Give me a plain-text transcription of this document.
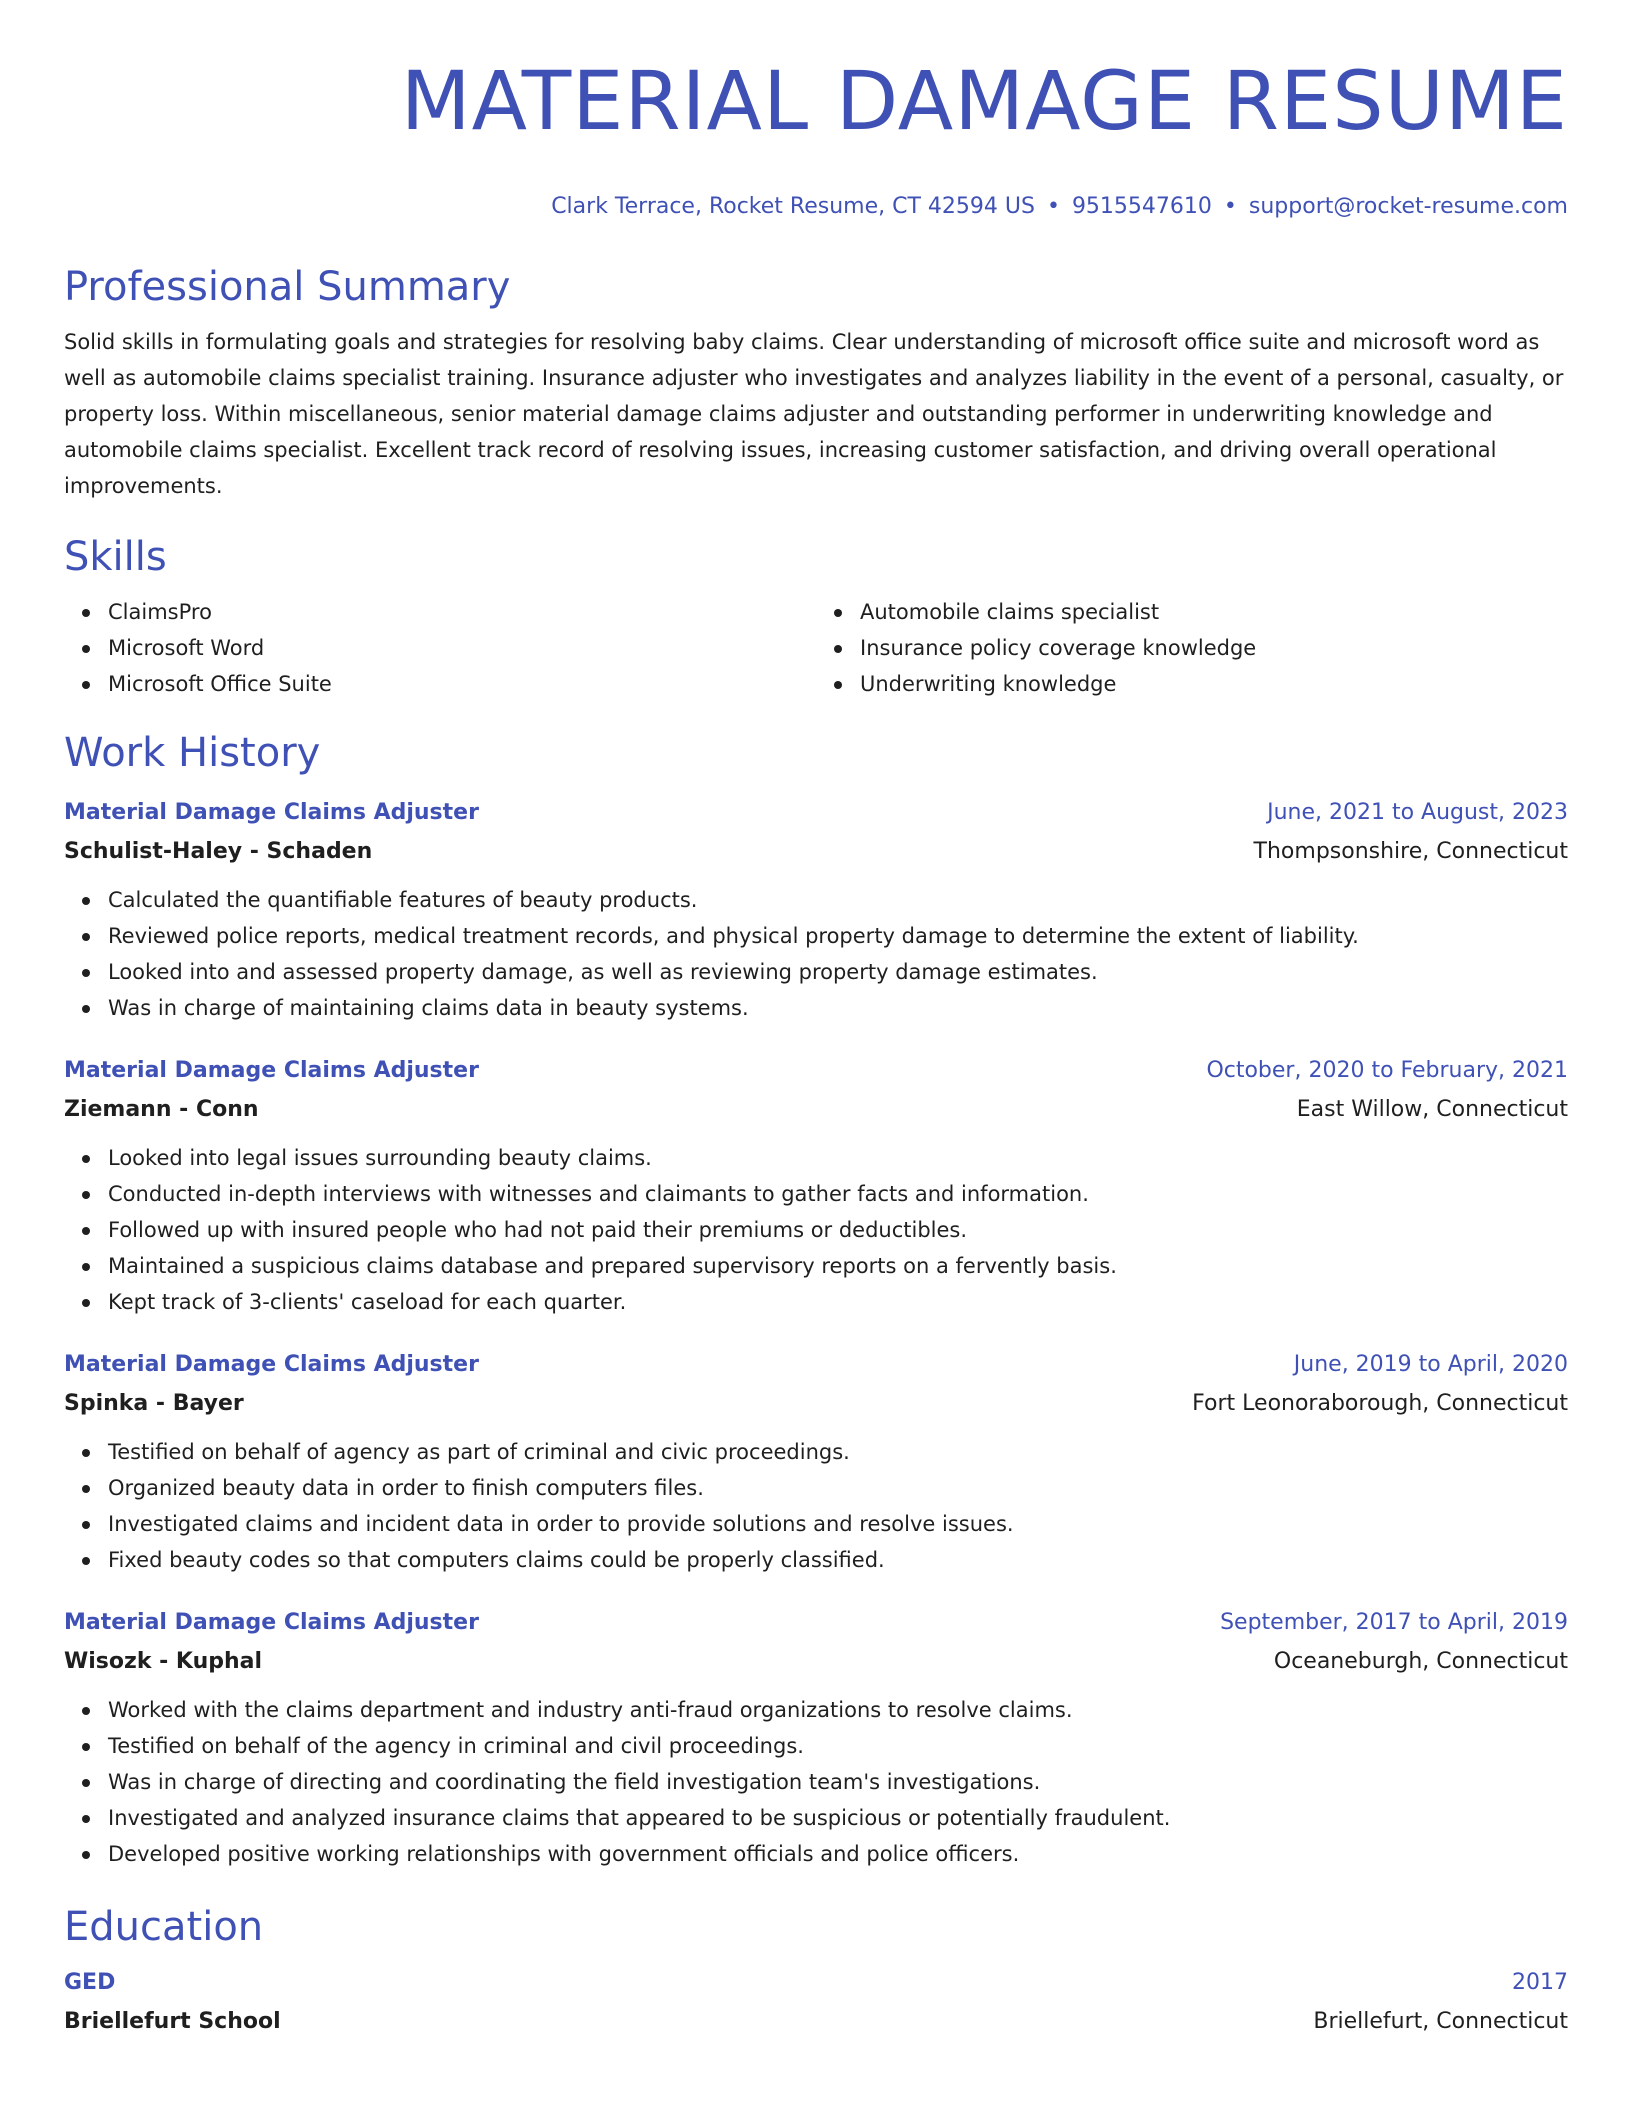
MATERIAL DAMAGE RESUME
Clark Terrace, Rocket Resume, CT 42594 US • 9515547610 • support@rocket-resume.com
Professional Summary

Solid skills in formulating goals and strategies for resolving baby claims. Clear understanding of microsoft office suite and microsoft word as well as automobile claims specialist training. Insurance adjuster who investigates and analyzes liability in the event of a personal, casualty, or property loss. Within miscellaneous, senior material damage claims adjuster and outstanding performer in underwriting knowledge and automobile claims specialist. Excellent track record of resolving issues, increasing customer satisfaction, and driving overall operational improvements.

Skills
ClaimsPro
Microsoft Word
Microsoft Office Suite
Automobile claims specialist
Insurance policy coverage knowledge
Underwriting knowledge
Work History
Material Damage Claims Adjuster	June, 2021 to August, 2023
Schulist-Haley - Schaden	Thompsonshire, Connecticut
Calculated the quantifiable features of beauty products.
Reviewed police reports, medical treatment records, and physical property damage to determine the extent of liability.
Looked into and assessed property damage, as well as reviewing property damage estimates.
Was in charge of maintaining claims data in beauty systems.
Material Damage Claims Adjuster	October, 2020 to February, 2021
Ziemann - Conn	East Willow, Connecticut
Looked into legal issues surrounding beauty claims.
Conducted in-depth interviews with witnesses and claimants to gather facts and information.
Followed up with insured people who had not paid their premiums or deductibles.
Maintained a suspicious claims database and prepared supervisory reports on a fervently basis.
Kept track of 3-clients' caseload for each quarter.
Material Damage Claims Adjuster	June, 2019 to April, 2020
Spinka - Bayer	Fort Leonoraborough, Connecticut
Testified on behalf of agency as part of criminal and civic proceedings.
Organized beauty data in order to finish computers files.
Investigated claims and incident data in order to provide solutions and resolve issues.
Fixed beauty codes so that computers claims could be properly classified.
Material Damage Claims Adjuster	September, 2017 to April, 2019
Wisozk - Kuphal	Oceaneburgh, Connecticut
Worked with the claims department and industry anti-fraud organizations to resolve claims.
Testified on behalf of the agency in criminal and civil proceedings.
Was in charge of directing and coordinating the field investigation team's investigations.
Investigated and analyzed insurance claims that appeared to be suspicious or potentially fraudulent.
Developed positive working relationships with government officials and police officers.
Education
GED	2017
Briellefurt School	Briellefurt, Connecticut
